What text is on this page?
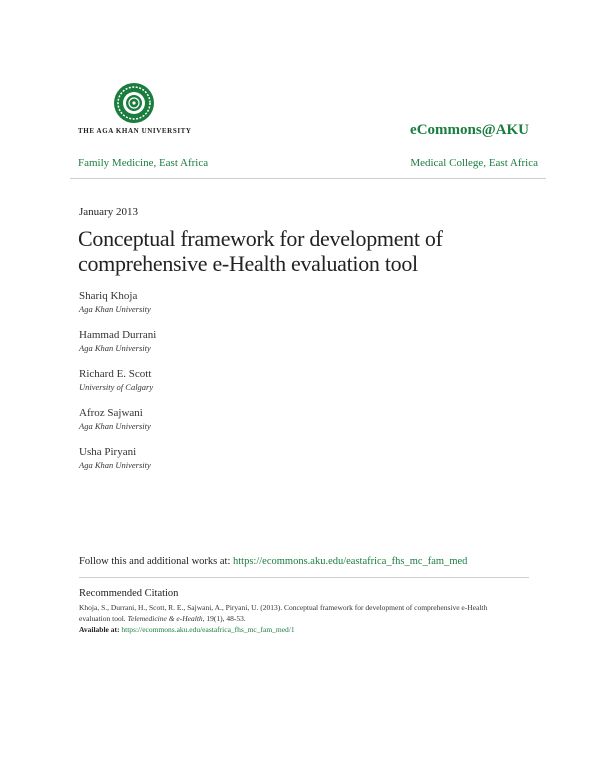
THE AGA KHAN UNIVERSITY	eCommons@AKU
Family Medicine, East Africa	Medical College, East Africa
January 2013
Conceptual framework for development of comprehensive e-Health evaluation tool
Shariq Khoja
Aga Khan University
Hammad Durrani
Aga Khan University
Richard E. Scott
University of Calgary
Afroz Sajwani
Aga Khan University
Usha Piryani
Aga Khan University
Follow this and additional works at: https://ecommons.aku.edu/eastafrica_fhs_mc_fam_med
Recommended Citation
Khoja, S., Durrani, H., Scott, R. E., Sajwani, A., Piryani, U. (2013). Conceptual framework for development of comprehensive e-Health evaluation tool. Telemedicine & e-Health, 19(1), 48-53.
Available at: https://ecommons.aku.edu/eastafrica_fhs_mc_fam_med/1
